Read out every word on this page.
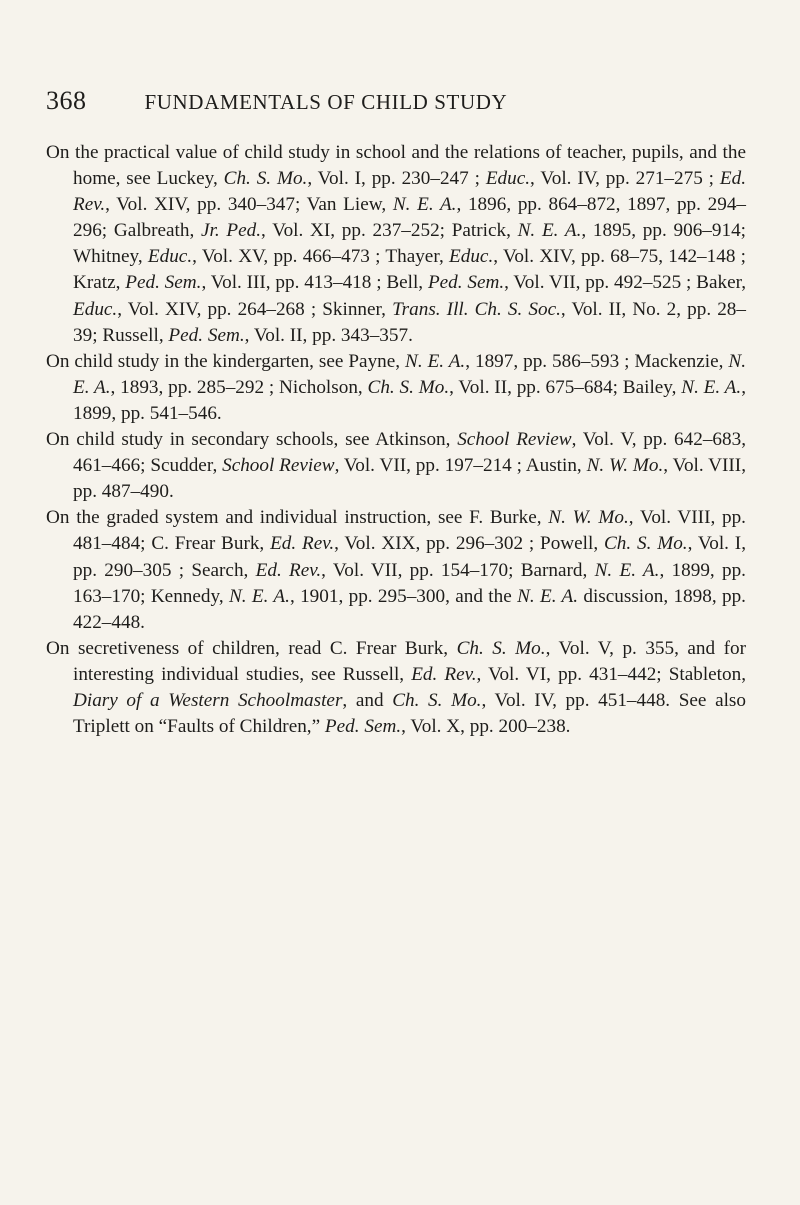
368	FUNDAMENTALS OF CHILD STUDY

On the practical value of child study in school and the relations of teacher, pupils, and the home, see Luckey, Ch. S. Mo., Vol. I, pp. 230–247 ; Educ., Vol. IV, pp. 271–275 ; Ed. Rev., Vol. XIV, pp. 340–347; Van Liew, N. E. A., 1896, pp. 864–872, 1897, pp. 294–296; Galbreath, Jr. Ped., Vol. XI, pp. 237–252; Patrick, N. E. A., 1895, pp. 906–914; Whitney, Educ., Vol. XV, pp. 466–473 ; Thayer, Educ., Vol. XIV, pp. 68–75, 142–148 ; Kratz, Ped. Sem., Vol. III, pp. 413–418 ; Bell, Ped. Sem., Vol. VII, pp. 492–525 ; Baker, Educ., Vol. XIV, pp. 264–268 ; Skinner, Trans. Ill. Ch. S. Soc., Vol. II, No. 2, pp. 28–39; Russell, Ped. Sem., Vol. II, pp. 343–357.

On child study in the kindergarten, see Payne, N. E. A., 1897, pp. 586–593 ; Mackenzie, N. E. A., 1893, pp. 285–292 ; Nicholson, Ch. S. Mo., Vol. II, pp. 675–684; Bailey, N. E. A., 1899, pp. 541–546.

On child study in secondary schools, see Atkinson, School Review, Vol. V, pp. 642–683, 461–466; Scudder, School Review, Vol. VII, pp. 197–214 ; Austin, N. W. Mo., Vol. VIII, pp. 487–490.

On the graded system and individual instruction, see F. Burke, N. W. Mo., Vol. VIII, pp. 481–484; C. Frear Burk, Ed. Rev., Vol. XIX, pp. 296–302 ; Powell, Ch. S. Mo., Vol. I, pp. 290–305 ; Search, Ed. Rev., Vol. VII, pp. 154–170; Barnard, N. E. A., 1899, pp. 163–170; Kennedy, N. E. A., 1901, pp. 295–300, and the N. E. A. discussion, 1898, pp. 422–448.

On secretiveness of children, read C. Frear Burk, Ch. S. Mo., Vol. V, p. 355, and for interesting individual studies, see Russell, Ed. Rev., Vol. VI, pp. 431–442; Stableton, Diary of a Western Schoolmaster, and Ch. S. Mo., Vol. IV, pp. 451–448. See also Triplett on “Faults of Children,” Ped. Sem., Vol. X, pp. 200–238.
